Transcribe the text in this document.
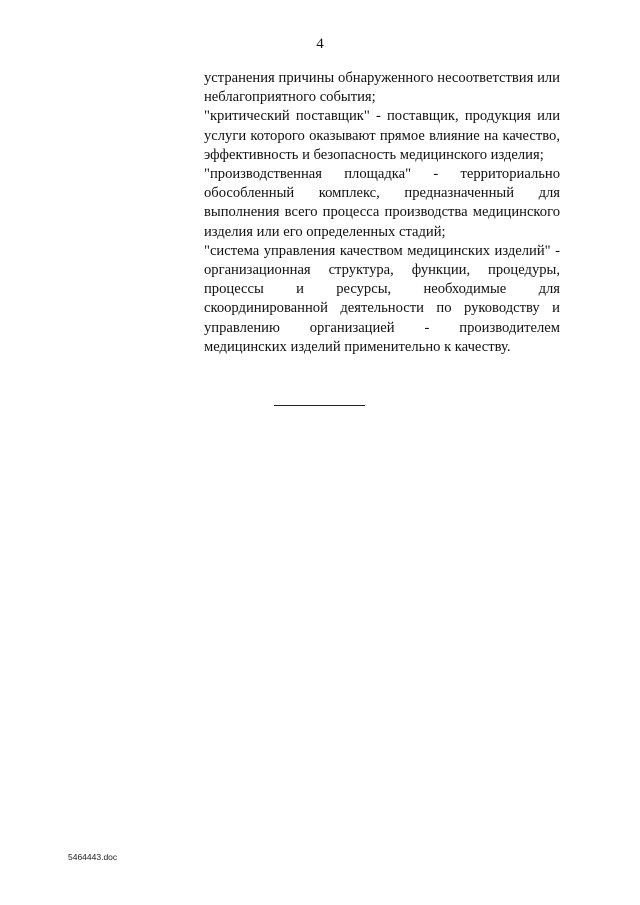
4

устранения причины обнаруженного несоответствия или неблагоприятного события;

"критический поставщик" - поставщик, продукция или услуги которого оказывают прямое влияние на качество, эффективность и безопасность медицинского изделия;

"производственная площадка" - территориально обособленный комплекс, предназначенный для выполнения всего процесса производства медицинского изделия или его определенных стадий;

"система управления качеством медицинских изделий" - организационная структура, функции, процедуры, процессы и ресурсы, необходимые для скоординированной деятельности по руководству и управлению организацией - производителем медицинских изделий применительно к качеству.

5464443.doc
